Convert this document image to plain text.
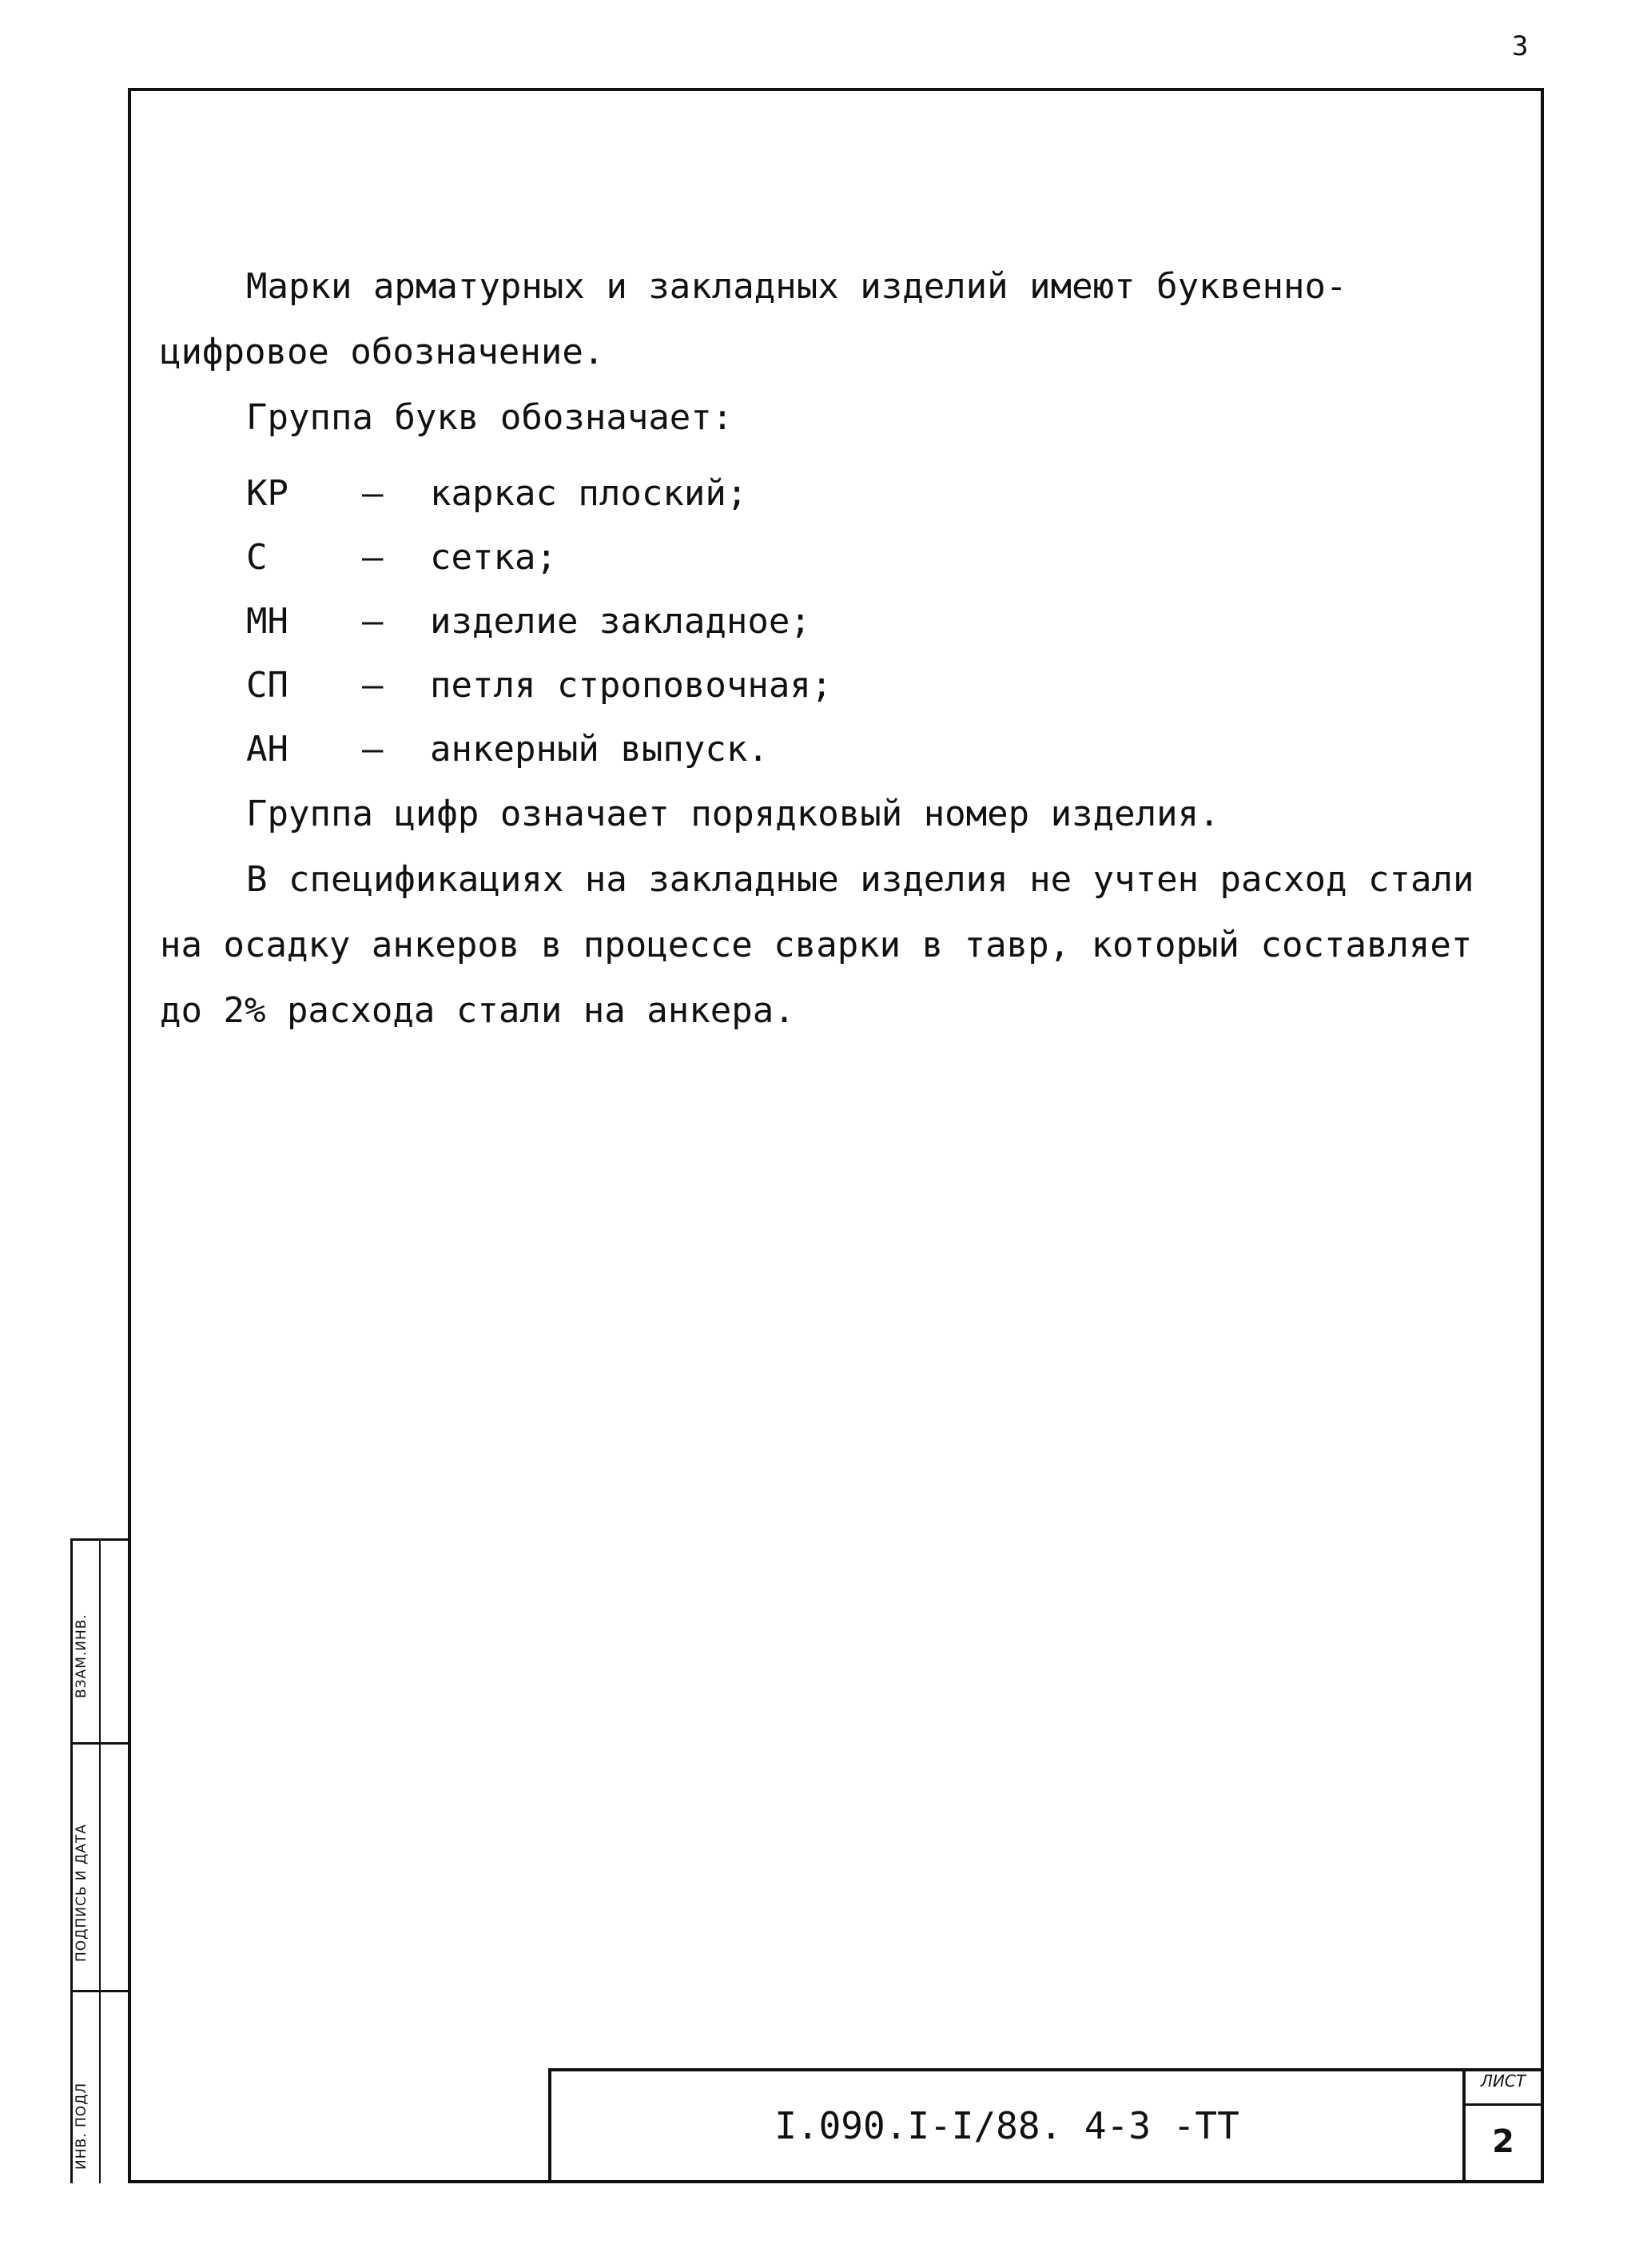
3

Марки арматурных и закладных изделий имеют буквенно-цифровое обозначение.

Группа букв обозначает:

КР	–	каркас плоский;
С	–	сетка;
МН	–	изделие закладное;
СП	–	петля строповочная;
АН	–	анкерный выпуск.

Группа цифр означает порядковый номер изделия.

В спецификациях на закладные изделия не учтен расход стали на осадку анкеров в процессе сварки в тавр, который составляет до 2% расхода стали на анкера.

ИНВ. ПОДЛ
ПОДПИСЬ И ДАТА
ВЗАМ.ИНВ.
I.090.I-I/88. 4-3 -ТТ
ЛИСТ
2
